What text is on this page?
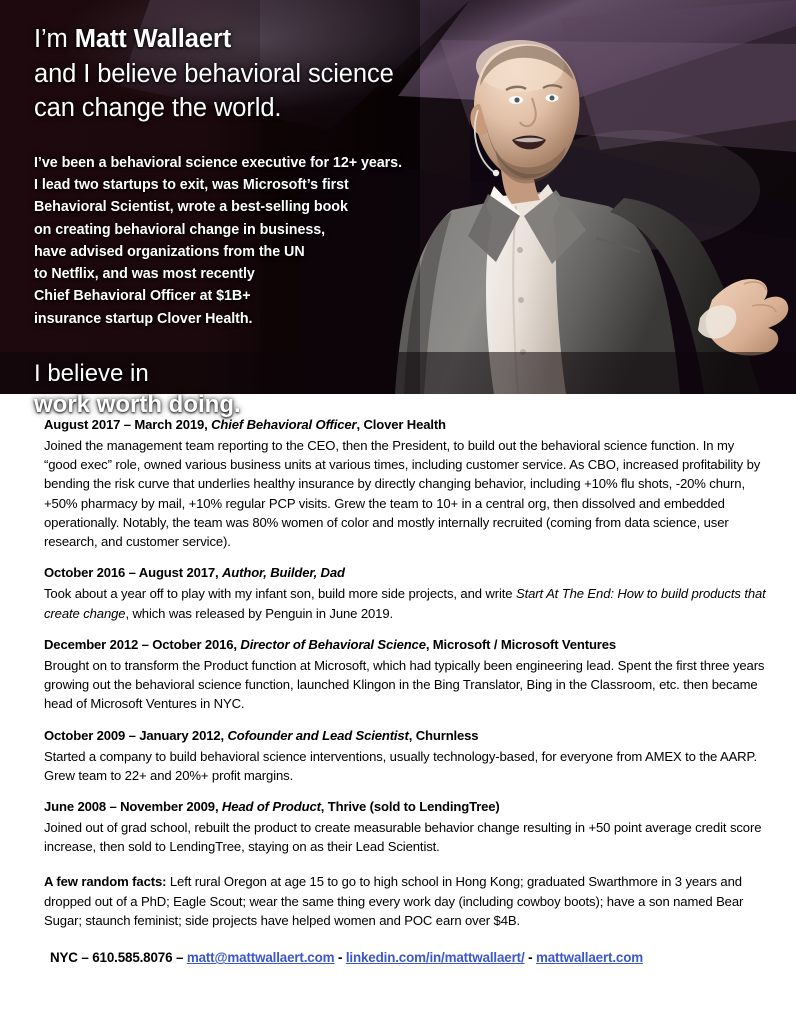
I’m Matt Wallaert
and I believe behavioral science
can change the world.

I’ve been a behavioral science executive for 12+ years.
I lead two startups to exit, was Microsoft’s first
Behavioral Scientist, wrote a best-selling book
on creating behavioral change in business,
have advised organizations from the UN
to Netflix, and was most recently
Chief Behavioral Officer at $1B+
insurance startup Clover Health.

I believe in
work worth doing.

August 2017 – March 2019, Chief Behavioral Officer, Clover Health

Joined the management team reporting to the CEO, then the President, to build out the behavioral science function. In my “good exec” role, owned various business units at various times, including customer service. As CBO, increased profitability by bending the risk curve that underlies healthy insurance by directly changing behavior, including +10% flu shots, -20% churn, +50% pharmacy by mail, +10% regular PCP visits. Grew the team to 10+ in a central org, then dissolved and embedded operationally. Notably, the team was 80% women of color and mostly internally recruited (coming from data science, user research, and customer service).

October 2016 – August 2017, Author, Builder, Dad

Took about a year off to play with my infant son, build more side projects, and write Start At The End: How to build products that create change, which was released by Penguin in June 2019.

December 2012 – October 2016, Director of Behavioral Science, Microsoft / Microsoft Ventures

Brought on to transform the Product function at Microsoft, which had typically been engineering lead. Spent the first three years growing out the behavioral science function, launched Klingon in the Bing Translator, Bing in the Classroom, etc. then became head of Microsoft Ventures in NYC.

October 2009 – January 2012, Cofounder and Lead Scientist, Churnless

Started a company to build behavioral science interventions, usually technology-based, for everyone from AMEX to the AARP. Grew team to 22+ and 20%+ profit margins.

June 2008 – November 2009, Head of Product, Thrive (sold to LendingTree)

Joined out of grad school, rebuilt the product to create measurable behavior change resulting in +50 point average credit score increase, then sold to LendingTree, staying on as their Lead Scientist.

A few random facts: Left rural Oregon at age 15 to go to high school in Hong Kong; graduated Swarthmore in 3 years and dropped out of a PhD; Eagle Scout; wear the same thing every work day (including cowboy boots); have a son named Bear Sugar; staunch feminist; side projects have helped women and POC earn over $4B.

NYC – 610.585.8076 – matt@mattwallaert.com - linkedin.com/in/mattwallaert/ - mattwallaert.com
